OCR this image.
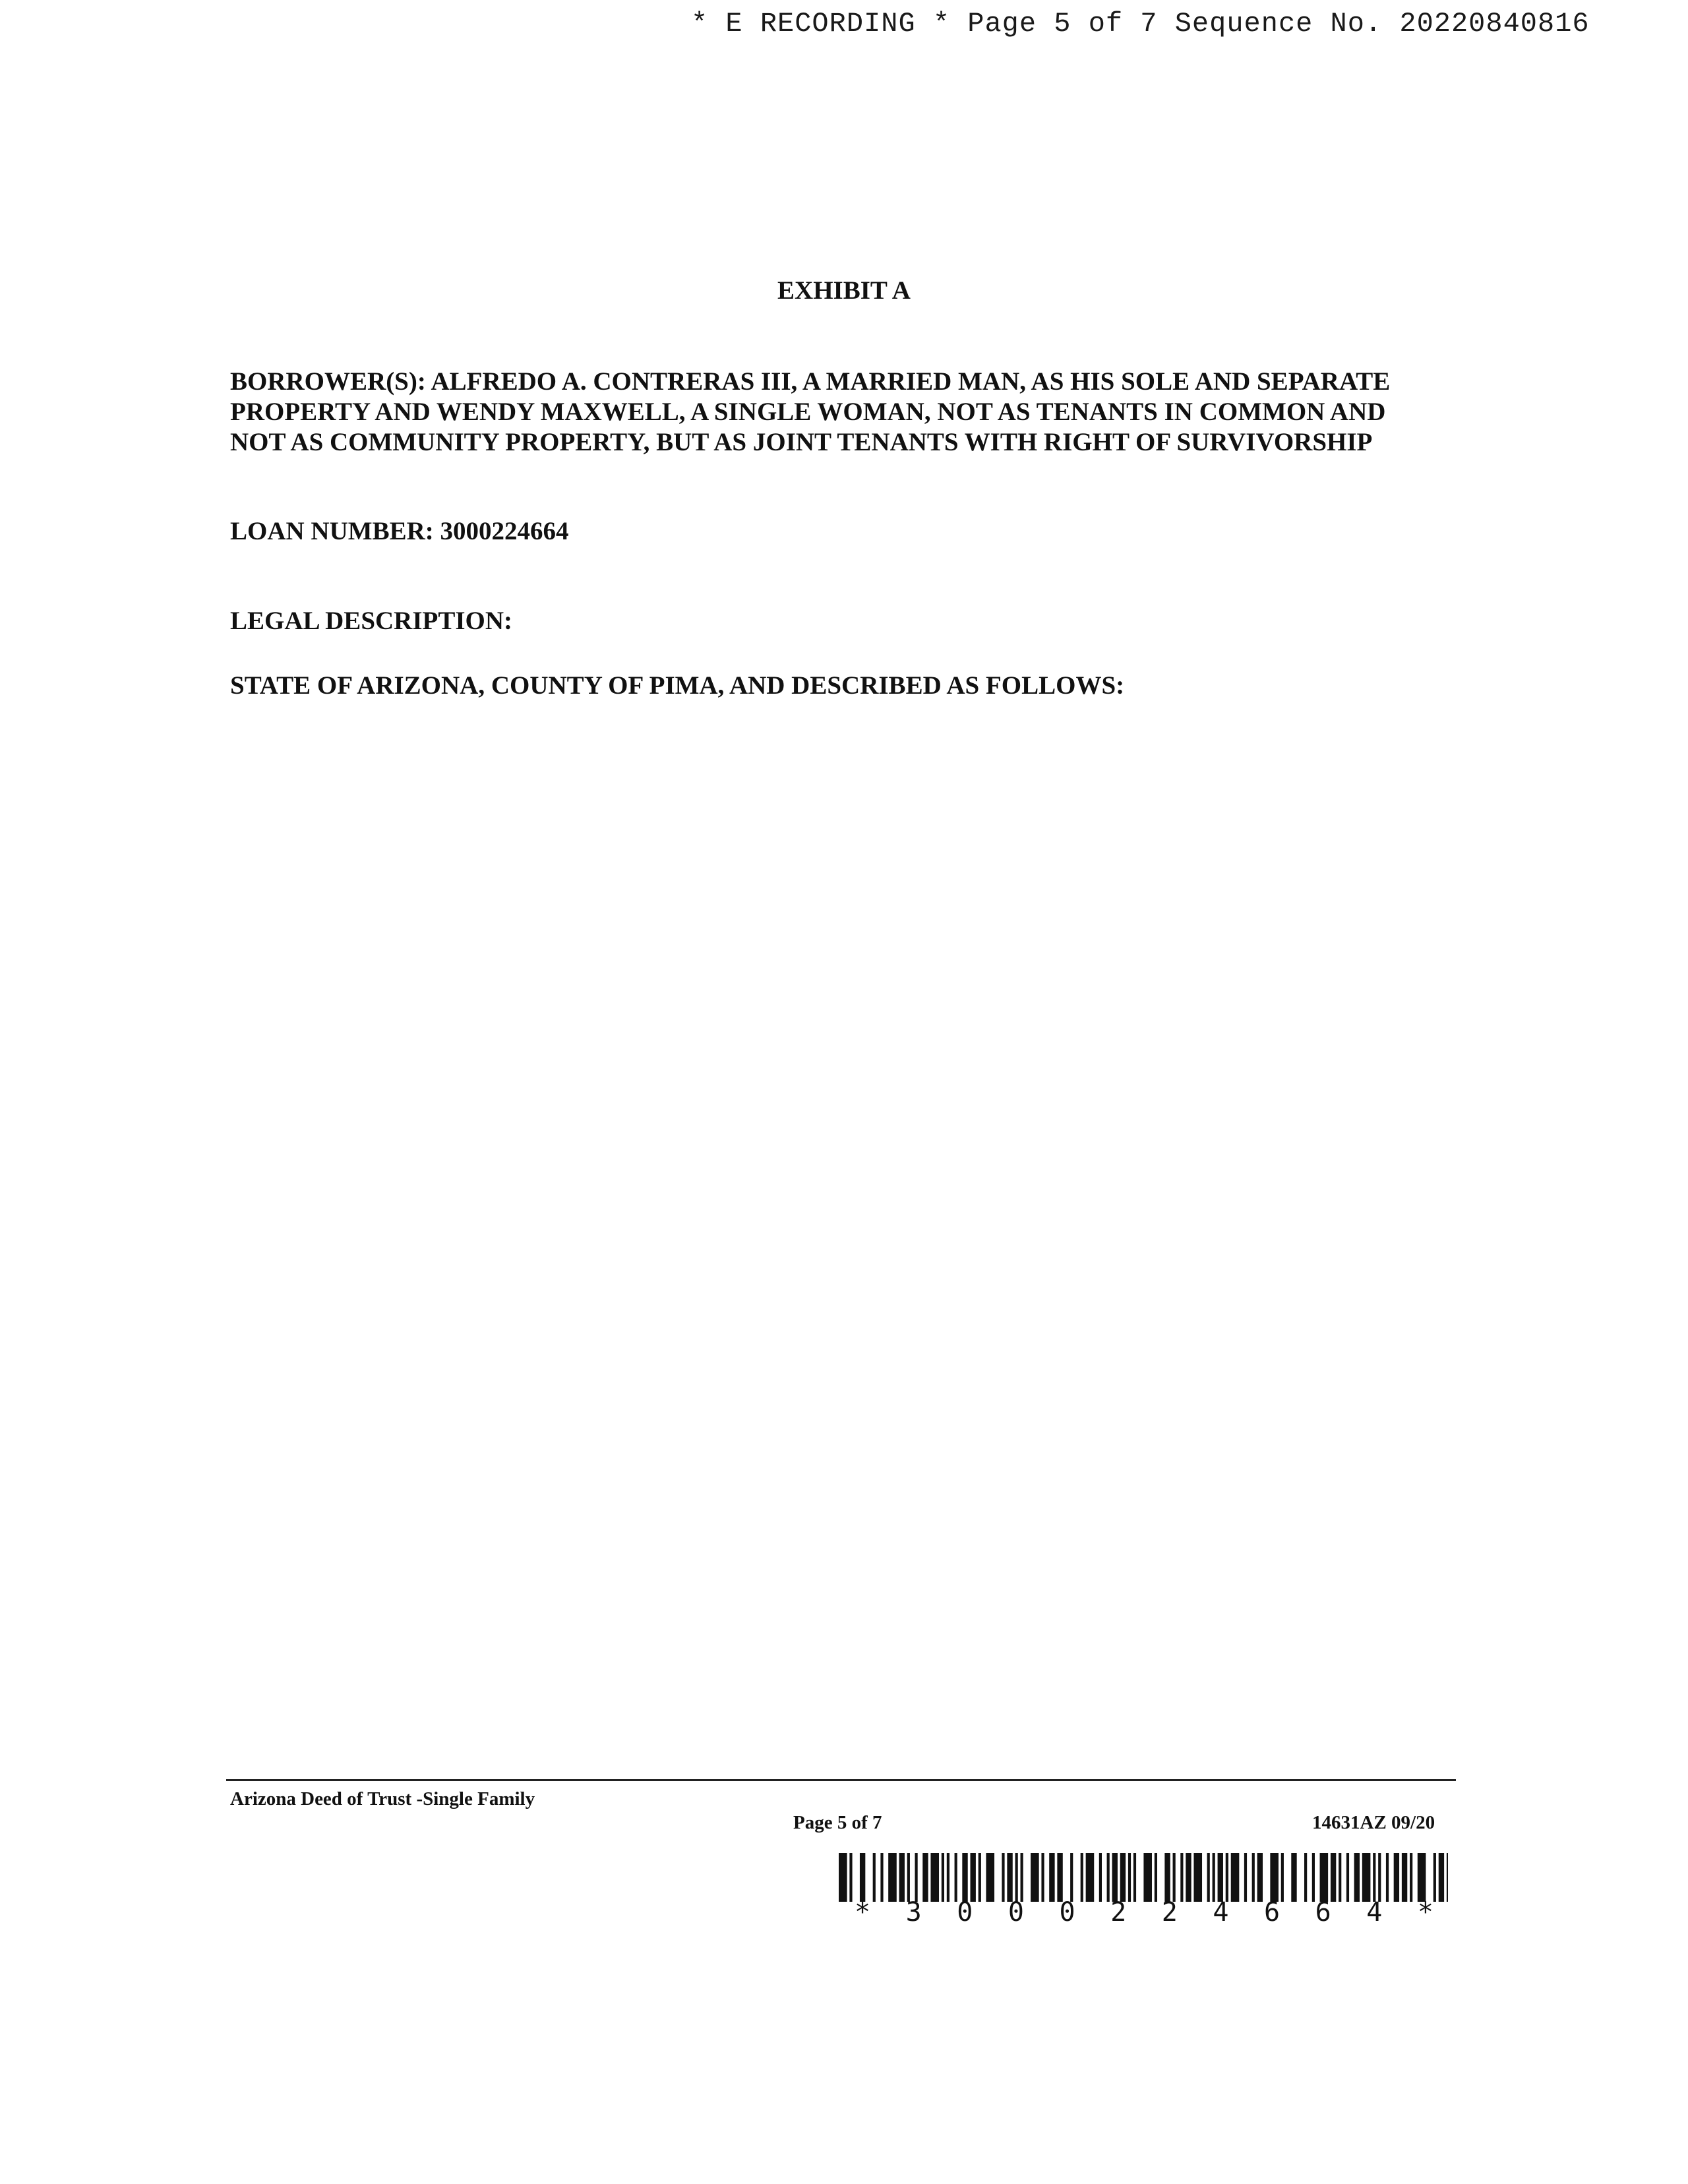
* E RECORDING * Page 5 of 7 Sequence No. 20220840816
EXHIBIT A
BORROWER(S): ALFREDO A. CONTRERAS III, A MARRIED MAN, AS HIS SOLE AND SEPARATE
PROPERTY AND WENDY MAXWELL, A SINGLE WOMAN, NOT AS TENANTS IN COMMON AND
NOT AS COMMUNITY PROPERTY, BUT AS JOINT TENANTS WITH RIGHT OF SURVIVORSHIP
LOAN NUMBER: 3000224664
LEGAL DESCRIPTION:
STATE OF ARIZONA, COUNTY OF PIMA, AND DESCRIBED AS FOLLOWS:
Arizona Deed of Trust -Single Family
Page 5 of 7	14631AZ 09/20
* 3 0 0 0 2 2 4 6 6 4 *
